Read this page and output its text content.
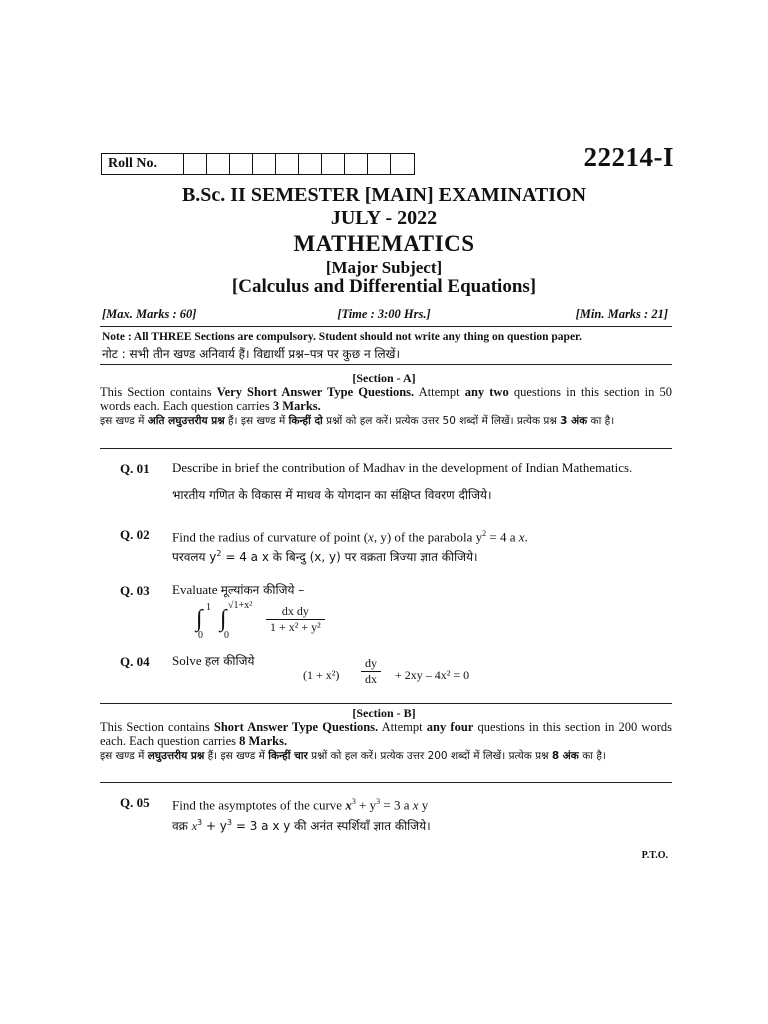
Roll No.	22214-I
B.Sc. II SEMESTER [MAIN] EXAMINATION
JULY - 2022
MATHEMATICS
[Major Subject]
[Calculus and Differential Equations]
[Max. Marks : 60]	[Time : 3:00 Hrs.]	[Min. Marks : 21]
Note : All THREE Sections are compulsory. Student should not write any thing on question paper.
नोट : सभी तीन खण्ड अनिवार्य हैं। विद्यार्थी प्रश्न–पत्र पर कुछ न लिखें।
[Section - A]
This Section contains Very Short Answer Type Questions. Attempt any two questions in this section in 50 words each. Each question carries 3 Marks.
इस खण्ड में अति लघुउत्तरीय प्रश्न हैं। इस खण्ड में किन्हीं दो प्रश्नों को हल करें। प्रत्येक उत्तर 50 शब्दों में लिखें। प्रत्येक प्रश्न 3 अंक का है।
Q. 01 Describe in brief the contribution of Madhav in the development of Indian Mathematics.
भारतीय गणित के विकास में माधव के योगदान का संक्षिप्त विवरण दीजिये।
Q. 02 Find the radius of curvature of point (x, y) of the parabola $y^2 = 4$ a x.
परवलय $y^2 = 4$ a x के बिन्दु (x, y) पर वक्रता त्रिज्या ज्ञात कीजिये।
Q. 03 Evaluate मूल्यांकन कीजिये –
∫ 1
0
∫
√1+x²
0
$\frac{\text{dx dy}}{\text{1 + x² + y²}}$
Q. 04 Solve हल कीजिये
$(1 + x^2) \frac{dy}{dx} + 2xy - 4x^2 = 0$
[Section - B]
This Section contains Short Answer Type Questions. Attempt any four questions in this section in 200 words each. Each question carries 8 Marks.
इस खण्ड में लघुउत्तरीय प्रश्न हैं। इस खण्ड में किन्हीं चार प्रश्नों को हल करें। प्रत्येक उत्तर 200 शब्दों में लिखें। प्रत्येक प्रश्न 8 अंक का है।
Q. 05 Find the asymptotes of the curve $x^3 + y^3 = 3$ a x y
वक्र $x^3 + y^3 = 3$ a x y की अनंत स्पर्शियाँ ज्ञात कीजिये।
P.T.O.
